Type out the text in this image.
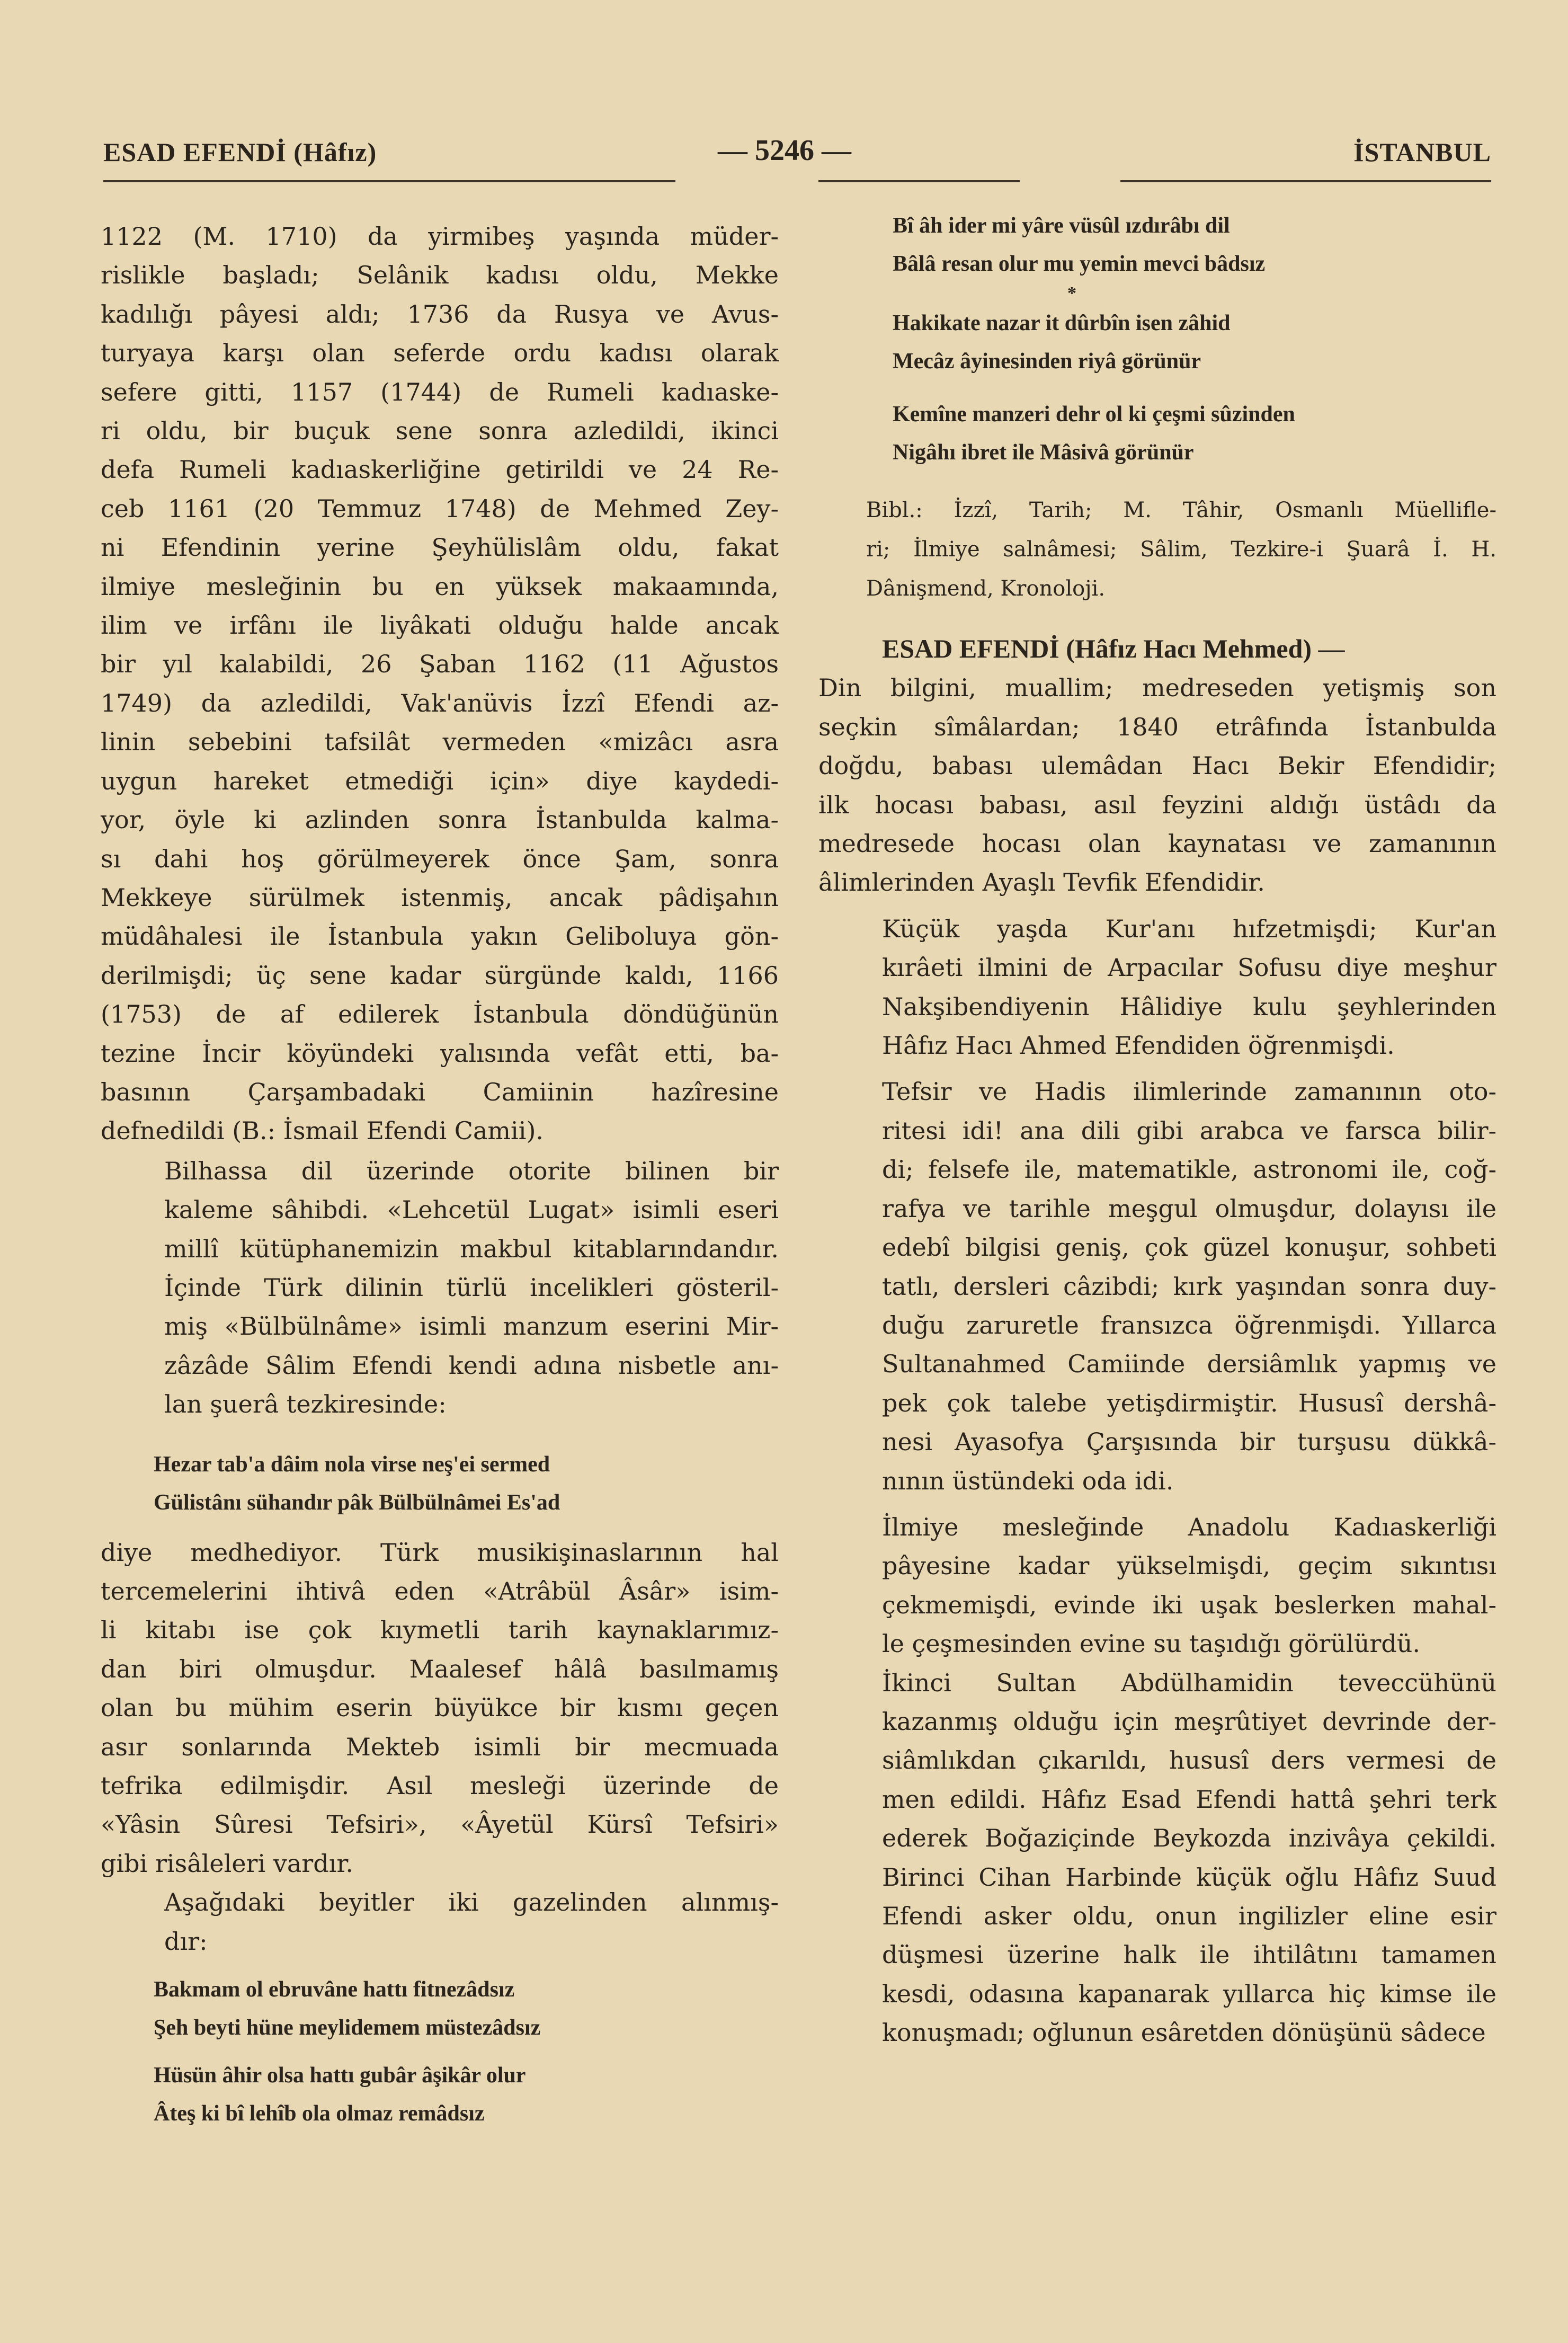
ESAD EFENDİ (Hâfız)	— 5246 —	İSTANBUL
1122 (M. 1710) da yirmibeş yaşında müder-
rislikle başladı; Selânik kadısı oldu, Mekke
kadılığı pâyesi aldı; 1736 da Rusya ve Avus-
turyaya karşı olan seferde ordu kadısı olarak
sefere gitti, 1157 (1744) de Rumeli kadıaske-
ri oldu, bir buçuk sene sonra azledildi, ikinci
defa Rumeli kadıaskerliğine getirildi ve 24 Re-
ceb 1161 (20 Temmuz 1748) de Mehmed Zey-
ni Efendinin yerine Şeyhülislâm oldu, fakat
ilmiye mesleğinin bu en yüksek makaamında,
ilim ve irfânı ile liyâkati olduğu halde ancak
bir yıl kalabildi, 26 Şaban 1162 (11 Ağustos
1749) da azledildi, Vak'anüvis İzzî Efendi az-
linin sebebini tafsilât vermeden «mizâcı asra
uygun hareket etmediği için» diye kaydedi-
yor, öyle ki azlinden sonra İstanbulda kalma-
sı dahi hoş görülmeyerek önce Şam, sonra
Mekkeye sürülmek istenmiş, ancak pâdişahın
müdâhalesi ile İstanbula yakın Geliboluya gön-
derilmişdi; üç sene kadar sürgünde kaldı, 1166
(1753) de af edilerek İstanbula döndüğünün
tezine İncir köyündeki yalısında vefât etti, ba-
basının Çarşambadaki Camiinin hazîresine
defnedildi (B.: İsmail Efendi Camii).
Bilhassa dil üzerinde otorite bilinen bir
kaleme sâhibdi. «Lehcetül Lugat» isimli eseri
millî kütüphanemizin makbul kitablarındandır.
İçinde Türk dilinin türlü incelikleri gösteril-
miş «Bülbülnâme» isimli manzum eserini Mir-
zâzâde Sâlim Efendi kendi adına nisbetle anı-
lan şuerâ tezkiresinde:
Hezar tab'a dâim nola virse neş'ei sermed
Gülistânı sühandır pâk Bülbülnâmei Es'ad
diye medhediyor. Türk musikişinaslarının hal
tercemelerini ihtivâ eden «Atrâbül Âsâr» isim-
li kitabı ise çok kıymetli tarih kaynaklarımız-
dan biri olmuşdur. Maalesef hâlâ basılmamış
olan bu mühim eserin büyükce bir kısmı geçen
asır sonlarında Mekteb isimli bir mecmuada
tefrika edilmişdir. Asıl mesleği üzerinde de
«Yâsin Sûresi Tefsiri», «Âyetül Kürsî Tefsiri»
gibi risâleleri vardır.
Aşağıdaki beyitler iki gazelinden alınmış-
dır:
Bakmam ol ebruvâne hattı fitnezâdsız
Şeh beyti hüne meylidemem müstezâdsız
Hüsün âhir olsa hattı gubâr âşikâr olur
Âteş ki bî lehîb ola olmaz remâdsız
Bî âh ider mi yâre vüsûl ızdırâbı dil
Bâlâ resan olur mu yemin mevci bâdsız
*
Hakikate nazar it dûrbîn isen zâhid
Mecâz âyinesinden riyâ görünür
Kemîne manzeri dehr ol ki çeşmi sûzinden
Nigâhı ibret ile Mâsivâ görünür
Bibl.: İzzî, Tarih; M. Tâhir, Osmanlı Müellifle-
ri; İlmiye salnâmesi; Sâlim, Tezkire-i Şuarâ İ. H.
Dânişmend, Kronoloji.
ESAD EFENDİ (Hâfız Hacı Mehmed) —
Din bilgini, muallim; medreseden yetişmiş son
seçkin sîmâlardan; 1840 etrâfında İstanbulda
doğdu, babası ulemâdan Hacı Bekir Efendidir;
ilk hocası babası, asıl feyzini aldığı üstâdı da
medresede hocası olan kaynatası ve zamanının
âlimlerinden Ayaşlı Tevfik Efendidir.
Küçük yaşda Kur'anı hıfzetmişdi; Kur'an
kırâeti ilmini de Arpacılar Sofusu diye meşhur
Nakşibendiyenin Hâlidiye kulu şeyhlerinden
Hâfız Hacı Ahmed Efendiden öğrenmişdi.
Tefsir ve Hadis ilimlerinde zamanının oto-
ritesi idi! ana dili gibi arabca ve farsca bilir-
di; felsefe ile, matematikle, astronomi ile, coğ-
rafya ve tarihle meşgul olmuşdur, dolayısı ile
edebî bilgisi geniş, çok güzel konuşur, sohbeti
tatlı, dersleri câzibdi; kırk yaşından sonra duy-
duğu zaruretle fransızca öğrenmişdi. Yıllarca
Sultanahmed Camiinde dersiâmlık yapmış ve
pek çok talebe yetişdirmiştir. Hususî dershâ-
nesi Ayasofya Çarşısında bir turşusu dükkâ-
nının üstündeki oda idi.
İlmiye mesleğinde Anadolu Kadıaskerliği
pâyesine kadar yükselmişdi, geçim sıkıntısı
çekmemişdi, evinde iki uşak beslerken mahal-
le çeşmesinden evine su taşıdığı görülürdü.
İkinci Sultan Abdülhamidin teveccühünü
kazanmış olduğu için meşrûtiyet devrinde der-
siâmlıkdan çıkarıldı, hususî ders vermesi de
men edildi. Hâfız Esad Efendi hattâ şehri terk
ederek Boğaziçinde Beykozda inzivâya çekildi.
Birinci Cihan Harbinde küçük oğlu Hâfız Suud
Efendi asker oldu, onun ingilizler eline esir
düşmesi üzerine halk ile ihtilâtını tamamen
kesdi, odasına kapanarak yıllarca hiç kimse ile
konuşmadı; oğlunun esâretden dönüşünü sâdece
